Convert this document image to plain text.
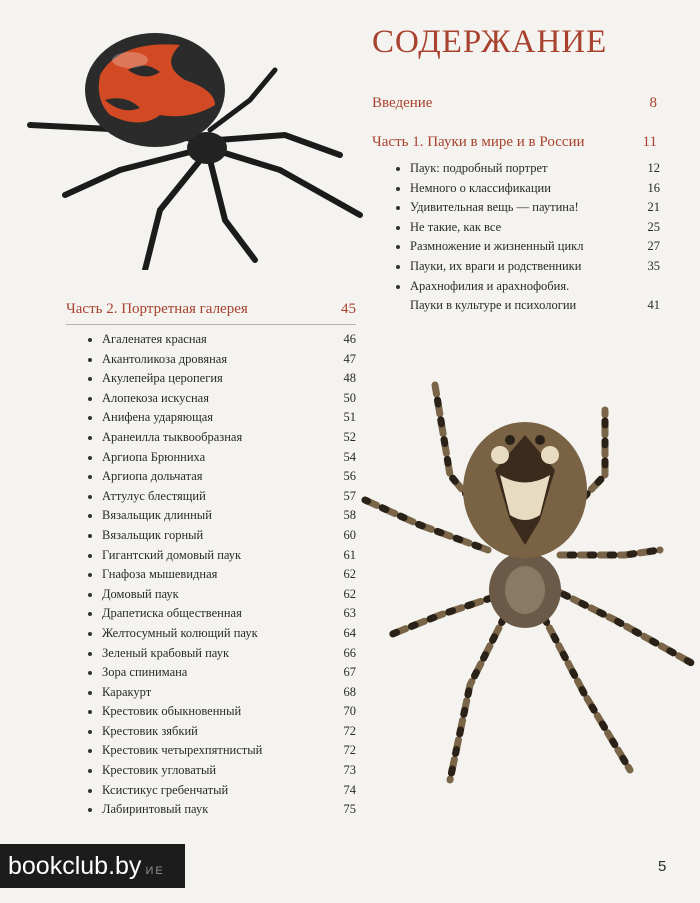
СОДЕРЖАНИЕ
Введение	8
Часть 1. Пауки в мире и в России	11
Паук: подробный портрет	12
Немного о классификации	16
Удивительная вещь — паутина!	21
Не такие, как все	25
Размножение и жизненный цикл	27
Пауки, их враги и родственники	35
Арахнофилия и арахнофобия.
Пауки в культуре и психологии	41
Часть 2. Портретная галерея	45
Агаленатея красная	46
Акантоликоза дровяная	47
Акулепейра церопегия	48
Алопекоза искусная	50
Анифена ударяющая	51
Аранеилла тыквообразная	52
Аргиопа Брюнниха	54
Аргиопа дольчатая	56
Аттулус блестящий	57
Вязальщик длинный	58
Вязальщик горный	60
Гигантский домовый паук	61
Гнафоза мышевидная	62
Домовый паук	62
Драпетиска общественная	63
Желтосумный колющий паук	64
Зеленый крабовый паук	66
Зора спинимана	67
Каракурт	68
Крестовик обыкновенный	70
Крестовик зябкий	72
Крестовик четырехпятнистый	72
Крестовик угловатый	73
Ксистикус гребенчатый	74
Лабиринтовый паук	75
bookclub.by ИЕ	5
